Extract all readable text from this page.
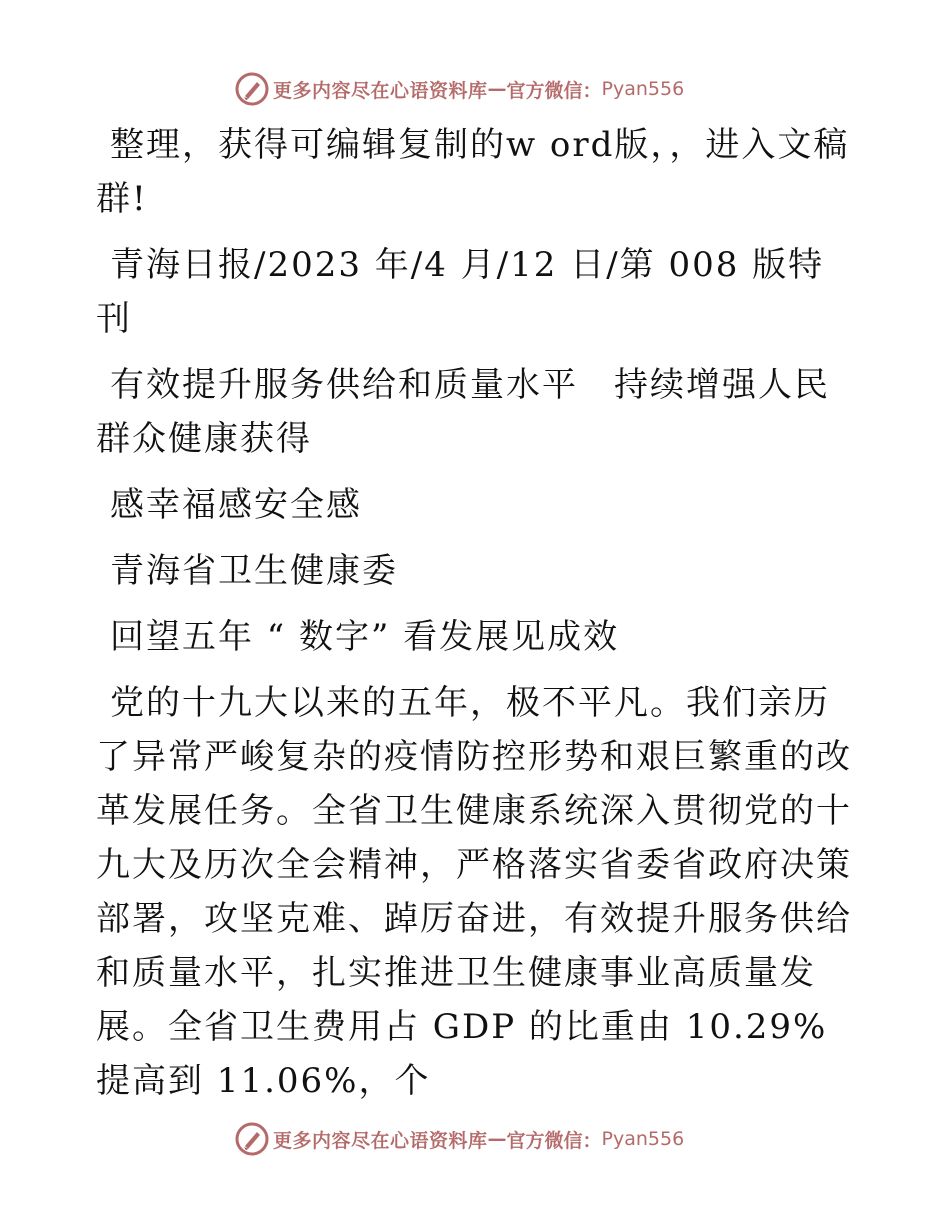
更多内容尽在心语资料库 — 官方微信： Pyan556

整理，获得可编辑复制的w ord版，，进入文稿群!

青海日报/2023 年/4 月/12 日/第 008 版特刊

有效提升服务供给和质量水平　持续增强人民群众健康获得

感幸福感安全感

青海省卫生健康委

回望五年 “ 数字” 看发展见成效

党的十九大以来的五年，极不平凡。我们亲历了异常严峻复杂的疫情防控形势和艰巨繁重的改革发展任务。全省卫生健康系统深入贯彻党的十九大及历次全会精神，严格落实省委省政府决策部署，攻坚克难、踔厉奋进，有效提升服务供给和质量水平，扎实推进卫生健康事业高质量发展。全省卫生费用占 GDP 的比重由 10.29%提高到 11.06%，个

更多内容尽在心语资料库 — 官方微信： Pyan556
